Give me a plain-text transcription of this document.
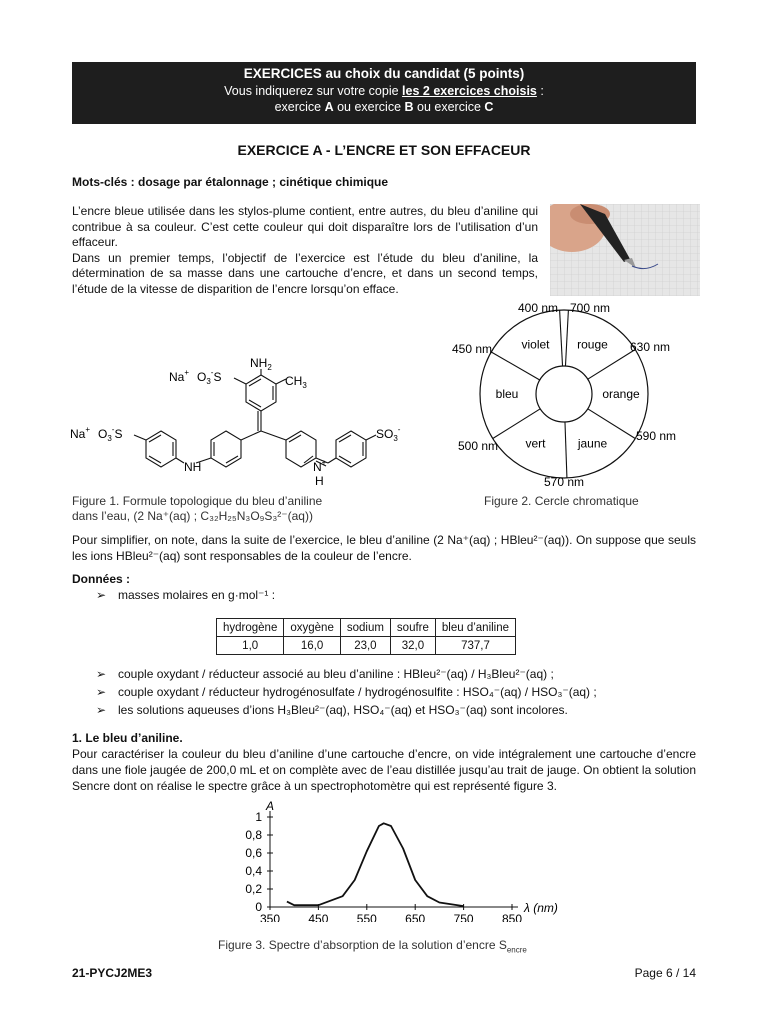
EXERCICES au choix du candidat (5 points)
Vous indiquerez sur votre copie les 2 exercices choisis :
exercice A ou exercice B ou exercice C
EXERCICE A - L’ENCRE ET SON EFFACEUR
Mots-clés : dosage par étalonnage ; cinétique chimique
L’encre bleue utilisée dans les stylos-plume contient, entre autres, du bleu d’aniline qui contribue à sa couleur. C’est cette couleur qui doit disparaître lors de l’utilisation d’un effaceur.
Dans un premier temps, l’objectif de l’exercice est l’étude du bleu d’aniline, la détermination de sa masse dans une cartouche d’encre, et dans un second temps, l’étude de la vitesse de disparition de l’encre lorsqu’on efface.
Na+ $O_3^-S$
$NH_2$
$CH_3$
Na+ $O_3^-S$
NH	N+
H
$SO_3^-$
violet rouge
orange
jaune
vert
bleu
400 nm 700 nm
630 nm
590 nm
570 nm
500 nm
450 nm
Figure 1. Formule topologique du bleu d’aniline
dans l’eau, (2 Na⁺(aq) ; C₃₂H₂₅N₃O₉S₃²⁻(aq))
Figure 2. Cercle chromatique
Pour simplifier, on note, dans la suite de l’exercice, le bleu d’aniline (2 Na⁺(aq) ; HBleu²⁻(aq)). On suppose que seuls les ions HBleu²⁻(aq) sont responsables de la couleur de l’encre.
Données :
➢ masses molaires en g·mol⁻¹ :
hydrogène	oxygène	sodium	soufre	bleu d’aniline
1,0	16,0	23,0	32,0	737,7
➢ couple oxydant / réducteur associé au bleu d’aniline : HBleu²⁻(aq) / H₃Bleu²⁻(aq) ;
➢ couple oxydant / réducteur hydrogénosulfate / hydrogénosulfite : HSO₄⁻(aq) / HSO₃⁻(aq) ;
➢ les solutions aqueuses d’ions H₃Bleu²⁻(aq), HSO₄⁻(aq) et HSO₃⁻(aq) sont incolores.
1. Le bleu d’aniline.
Pour caractériser la couleur du bleu d’aniline d’une cartouche d’encre, on vide intégralement une cartouche d’encre dans une fiole jaugée de 200,0 mL et on complète avec de l’eau distillée jusqu’au trait de jauge. On obtient la solution Sencre dont on réalise le spectre grâce à un spectrophotomètre qui est représenté figure 3.
0
0,2
0,4
0,6
0,8
1
350 450 550 650 750 850
A
λ (nm)
Figure 3. Spectre d’absorption de la solution d’encre $S_{encre}$
21-PYCJ2ME3	Page 6 / 14
